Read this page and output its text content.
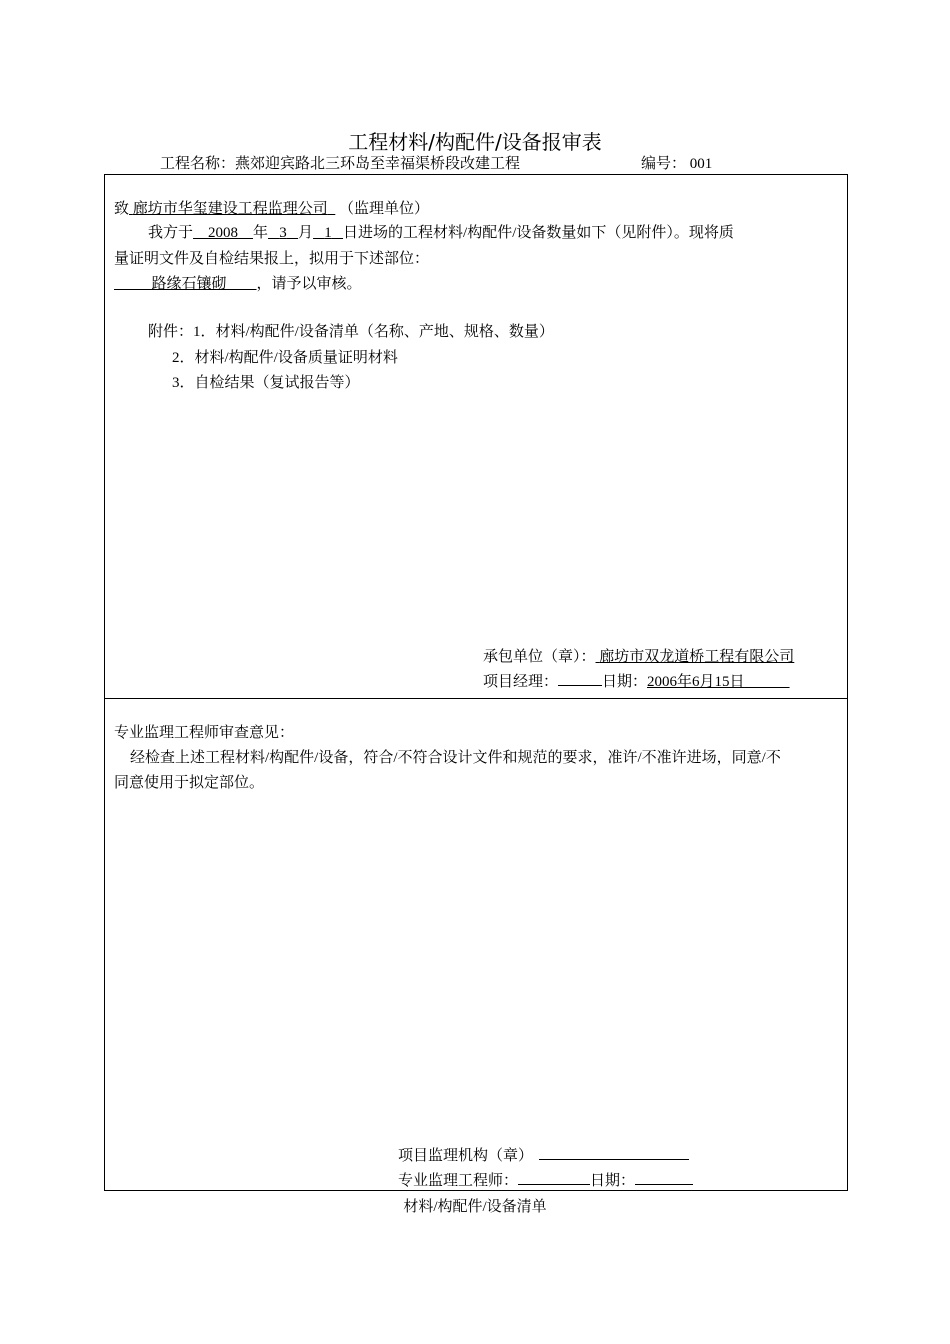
工程材料/构配件/设备报审表
工程名称：燕郊迎宾路北三环岛至幸福渠桥段改建工程	编号： 001
致 廊坊市华玺建设工程监理公司 （监理单位）
我方于 2008 年 3 月 1 日进场的工程材料/构配件/设备数量如下（见附件）。现将质
量证明文件及自检结果报上，拟用于下述部位：
路缘石镶砌 ，请予以审核。
附件：1．材料/构配件/设备清单（名称、产地、规格、数量）
2．材料/构配件/设备质量证明材料
3．自检结果（复试报告等）
承包单位（章）： 廊坊市双龙道桥工程有限公司
项目经理：	日期：2006年6月15日
专业监理工程师审查意见：
经检查上述工程材料/构配件/设备，符合/不符合设计文件和规范的要求，准许/不准许进场，同意/不
同意使用于拟定部位。
项目监理机构（章）
专业监理工程师：	日期：
材料/构配件/设备清单
